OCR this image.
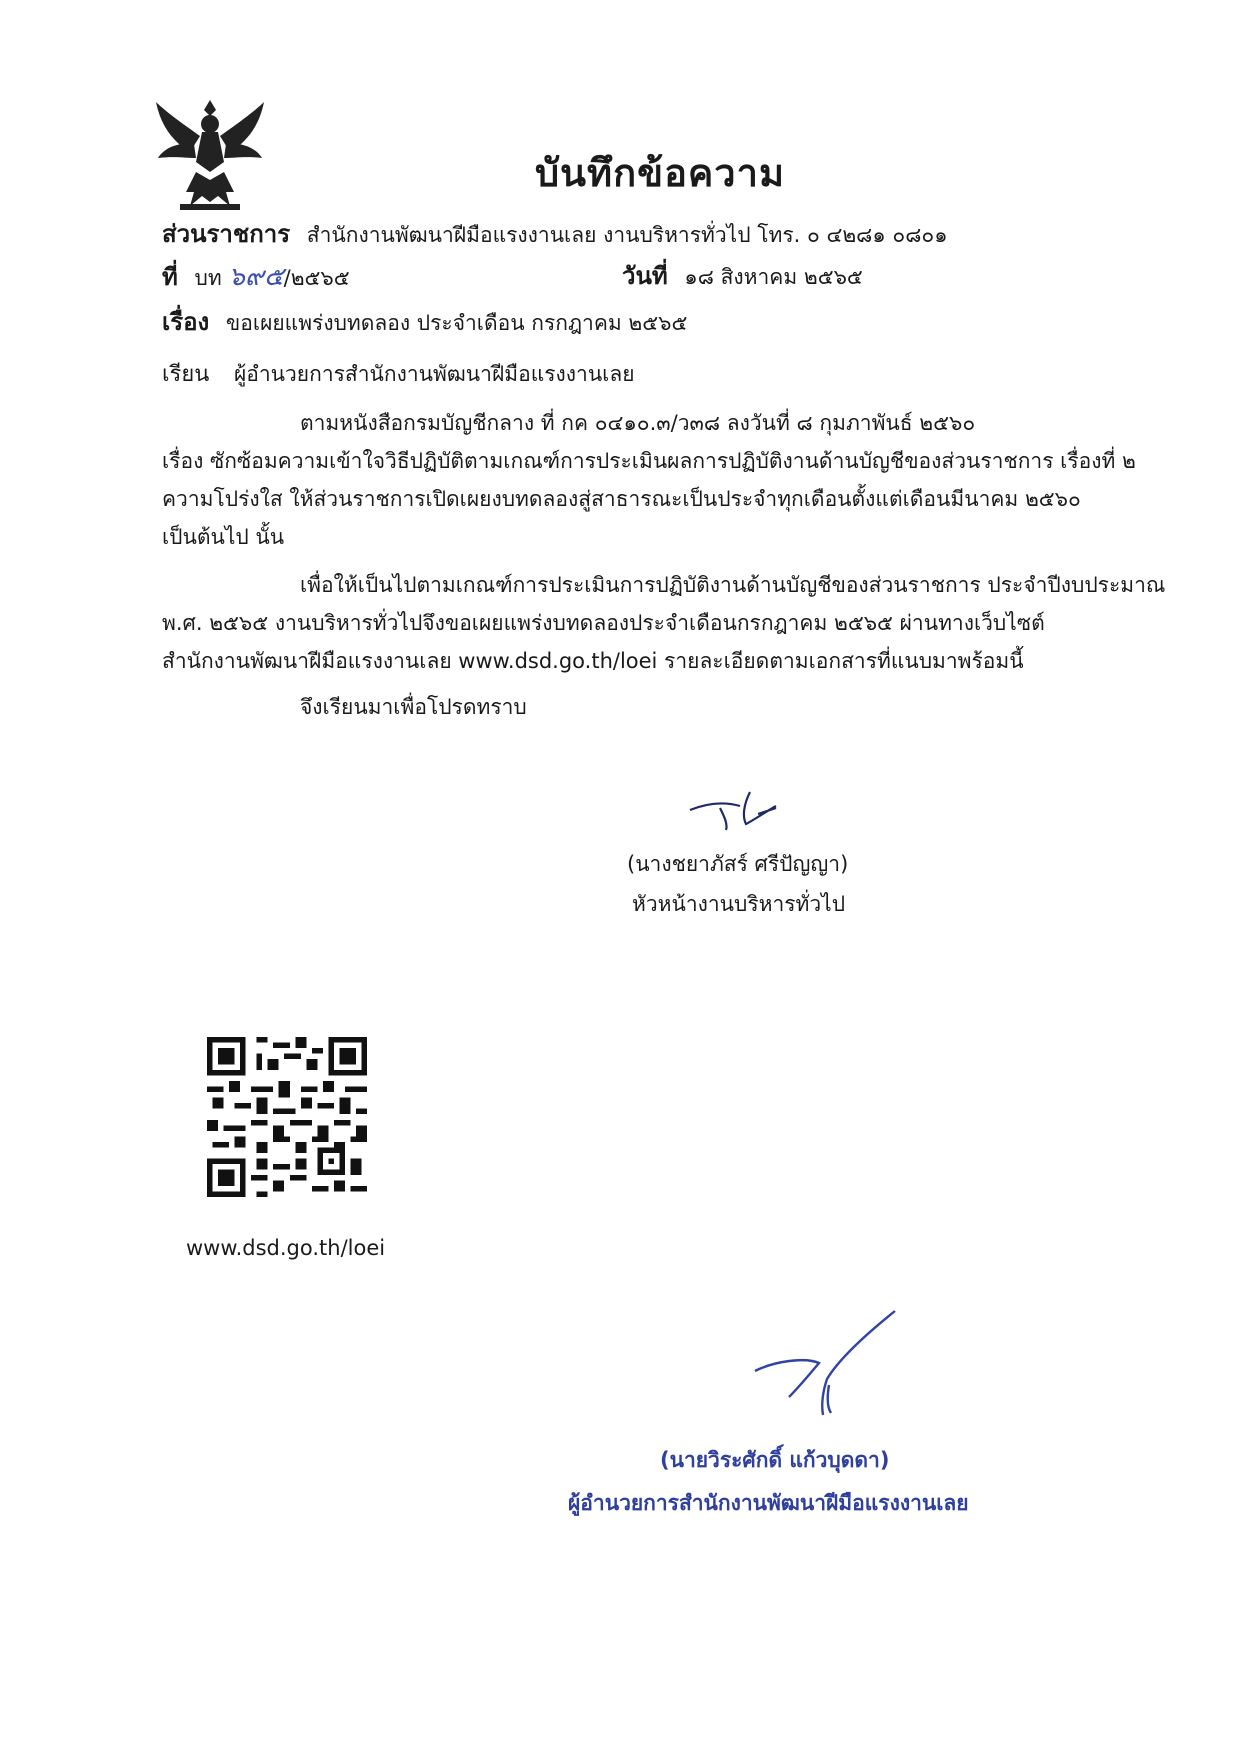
บันทึกข้อความ
ส่วนราชการ สำนักงานพัฒนาฝีมือแรงงานเลย งานบริหารทั่วไป โทร. ๐ ๔๒๘๑ ๐๘๐๑
ที่ บท ๖๙๕/๒๕๖๕	วันที่ ๑๘ สิงหาคม ๒๕๖๕
เรื่อง ขอเผยแพร่งบทดลอง ประจำเดือน กรกฎาคม ๒๕๖๕
เรียน ผู้อำนวยการสำนักงานพัฒนาฝีมือแรงงานเลย
ตามหนังสือกรมบัญชีกลาง ที่ กค ๐๔๑๐.๓/ว๓๘ ลงวันที่ ๘ กุมภาพันธ์ ๒๕๖๐
เรื่อง ซักซ้อมความเข้าใจวิธีปฏิบัติตามเกณฑ์การประเมินผลการปฏิบัติงานด้านบัญชีของส่วนราชการ เรื่องที่ ๒
ความโปร่งใส ให้ส่วนราชการเปิดเผยงบทดลองสู่สาธารณะเป็นประจำทุกเดือนตั้งแต่เดือนมีนาคม ๒๕๖๐
เป็นต้นไป นั้น
เพื่อให้เป็นไปตามเกณฑ์การประเมินการปฏิบัติงานด้านบัญชีของส่วนราชการ ประจำปีงบประมาณ
พ.ศ. ๒๕๖๕ งานบริหารทั่วไปจึงขอเผยแพร่งบทดลองประจำเดือนกรกฎาคม ๒๕๖๕ ผ่านทางเว็บไซต์
สำนักงานพัฒนาฝีมือแรงงานเลย www.dsd.go.th/loei รายละเอียดตามเอกสารที่แนบมาพร้อมนี้
จึงเรียนมาเพื่อโปรดทราบ
(นางชยาภัสร์ ศรีปัญญา)
หัวหน้างานบริหารทั่วไป
www.dsd.go.th/loei
(นายวิระศักดิ์ แก้วบุดดา)
ผู้อำนวยการสำนักงานพัฒนาฝีมือแรงงานเลย
